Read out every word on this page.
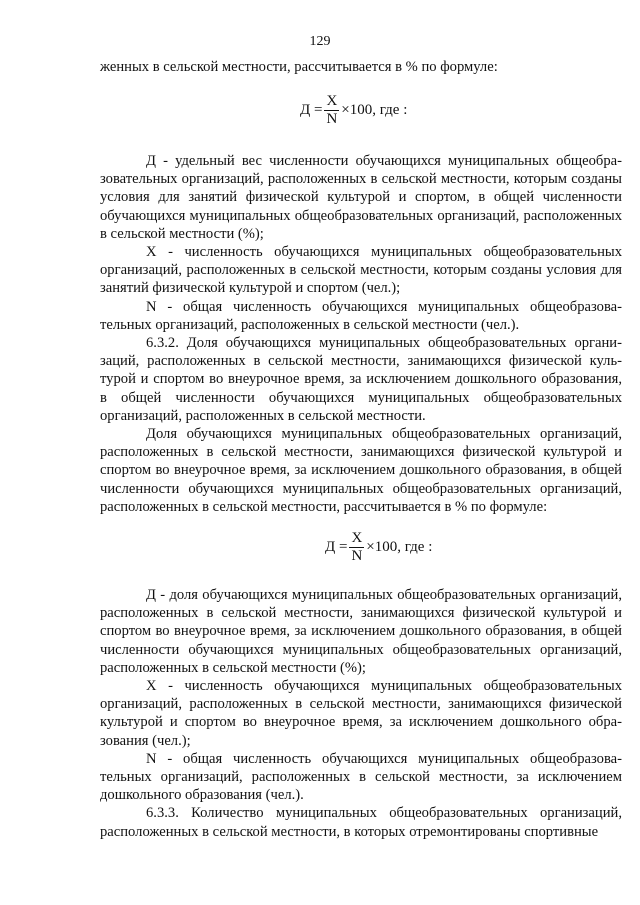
129

женных в сельской местности, рассчитывается в % по формуле:

$Д = \frac{X}{N} \times 100$, где :

Д - удельный вес численности обучающихся муниципальных общеобразовательных организаций, расположенных в сельской местности, которым созданы условия для занятий физической культурой и спортом, в общей численности обучающихся муниципальных общеобразовательных организаций, расположенных в сельской местности (%);

X - численность обучающихся муниципальных общеобразовательных организаций, расположенных в сельской местности, которым созданы условия для занятий физической культурой и спортом (чел.);

N - общая численность обучающихся муниципальных общеобразовательных организаций, расположенных в сельской местности (чел.).

6.3.2. Доля обучающихся муниципальных общеобразовательных организаций, расположенных в сельской местности, занимающихся физической культурой и спортом во внеурочное время, за исключением дошкольного образования, в общей численности обучающихся муниципальных общеобразовательных организаций, расположенных в сельской местности.

Доля обучающихся муниципальных общеобразовательных организаций, расположенных в сельской местности, занимающихся физической культурой и спортом во внеурочное время, за исключением дошкольного образования, в общей численности обучающихся муниципальных общеобразовательных организаций, расположенных в сельской местности, рассчитывается в % по формуле:

$Д = \frac{X}{N} \times 100$, где :

Д - доля обучающихся муниципальных общеобразовательных организаций, расположенных в сельской местности, занимающихся физической культурой и спортом во внеурочное время, за исключением дошкольного образования, в общей численности обучающихся муниципальных общеобразовательных организаций, расположенных в сельской местности (%);

X - численность обучающихся муниципальных общеобразовательных организаций, расположенных в сельской местности, занимающихся физической культурой и спортом во внеурочное время, за исключением дошкольного образования (чел.);

N - общая численность обучающихся муниципальных общеобразовательных организаций, расположенных в сельской местности, за исключением дошкольного образования (чел.).

6.3.3. Количество муниципальных общеобразовательных организаций, расположенных в сельской местности, в которых отремонтированы спортивные
